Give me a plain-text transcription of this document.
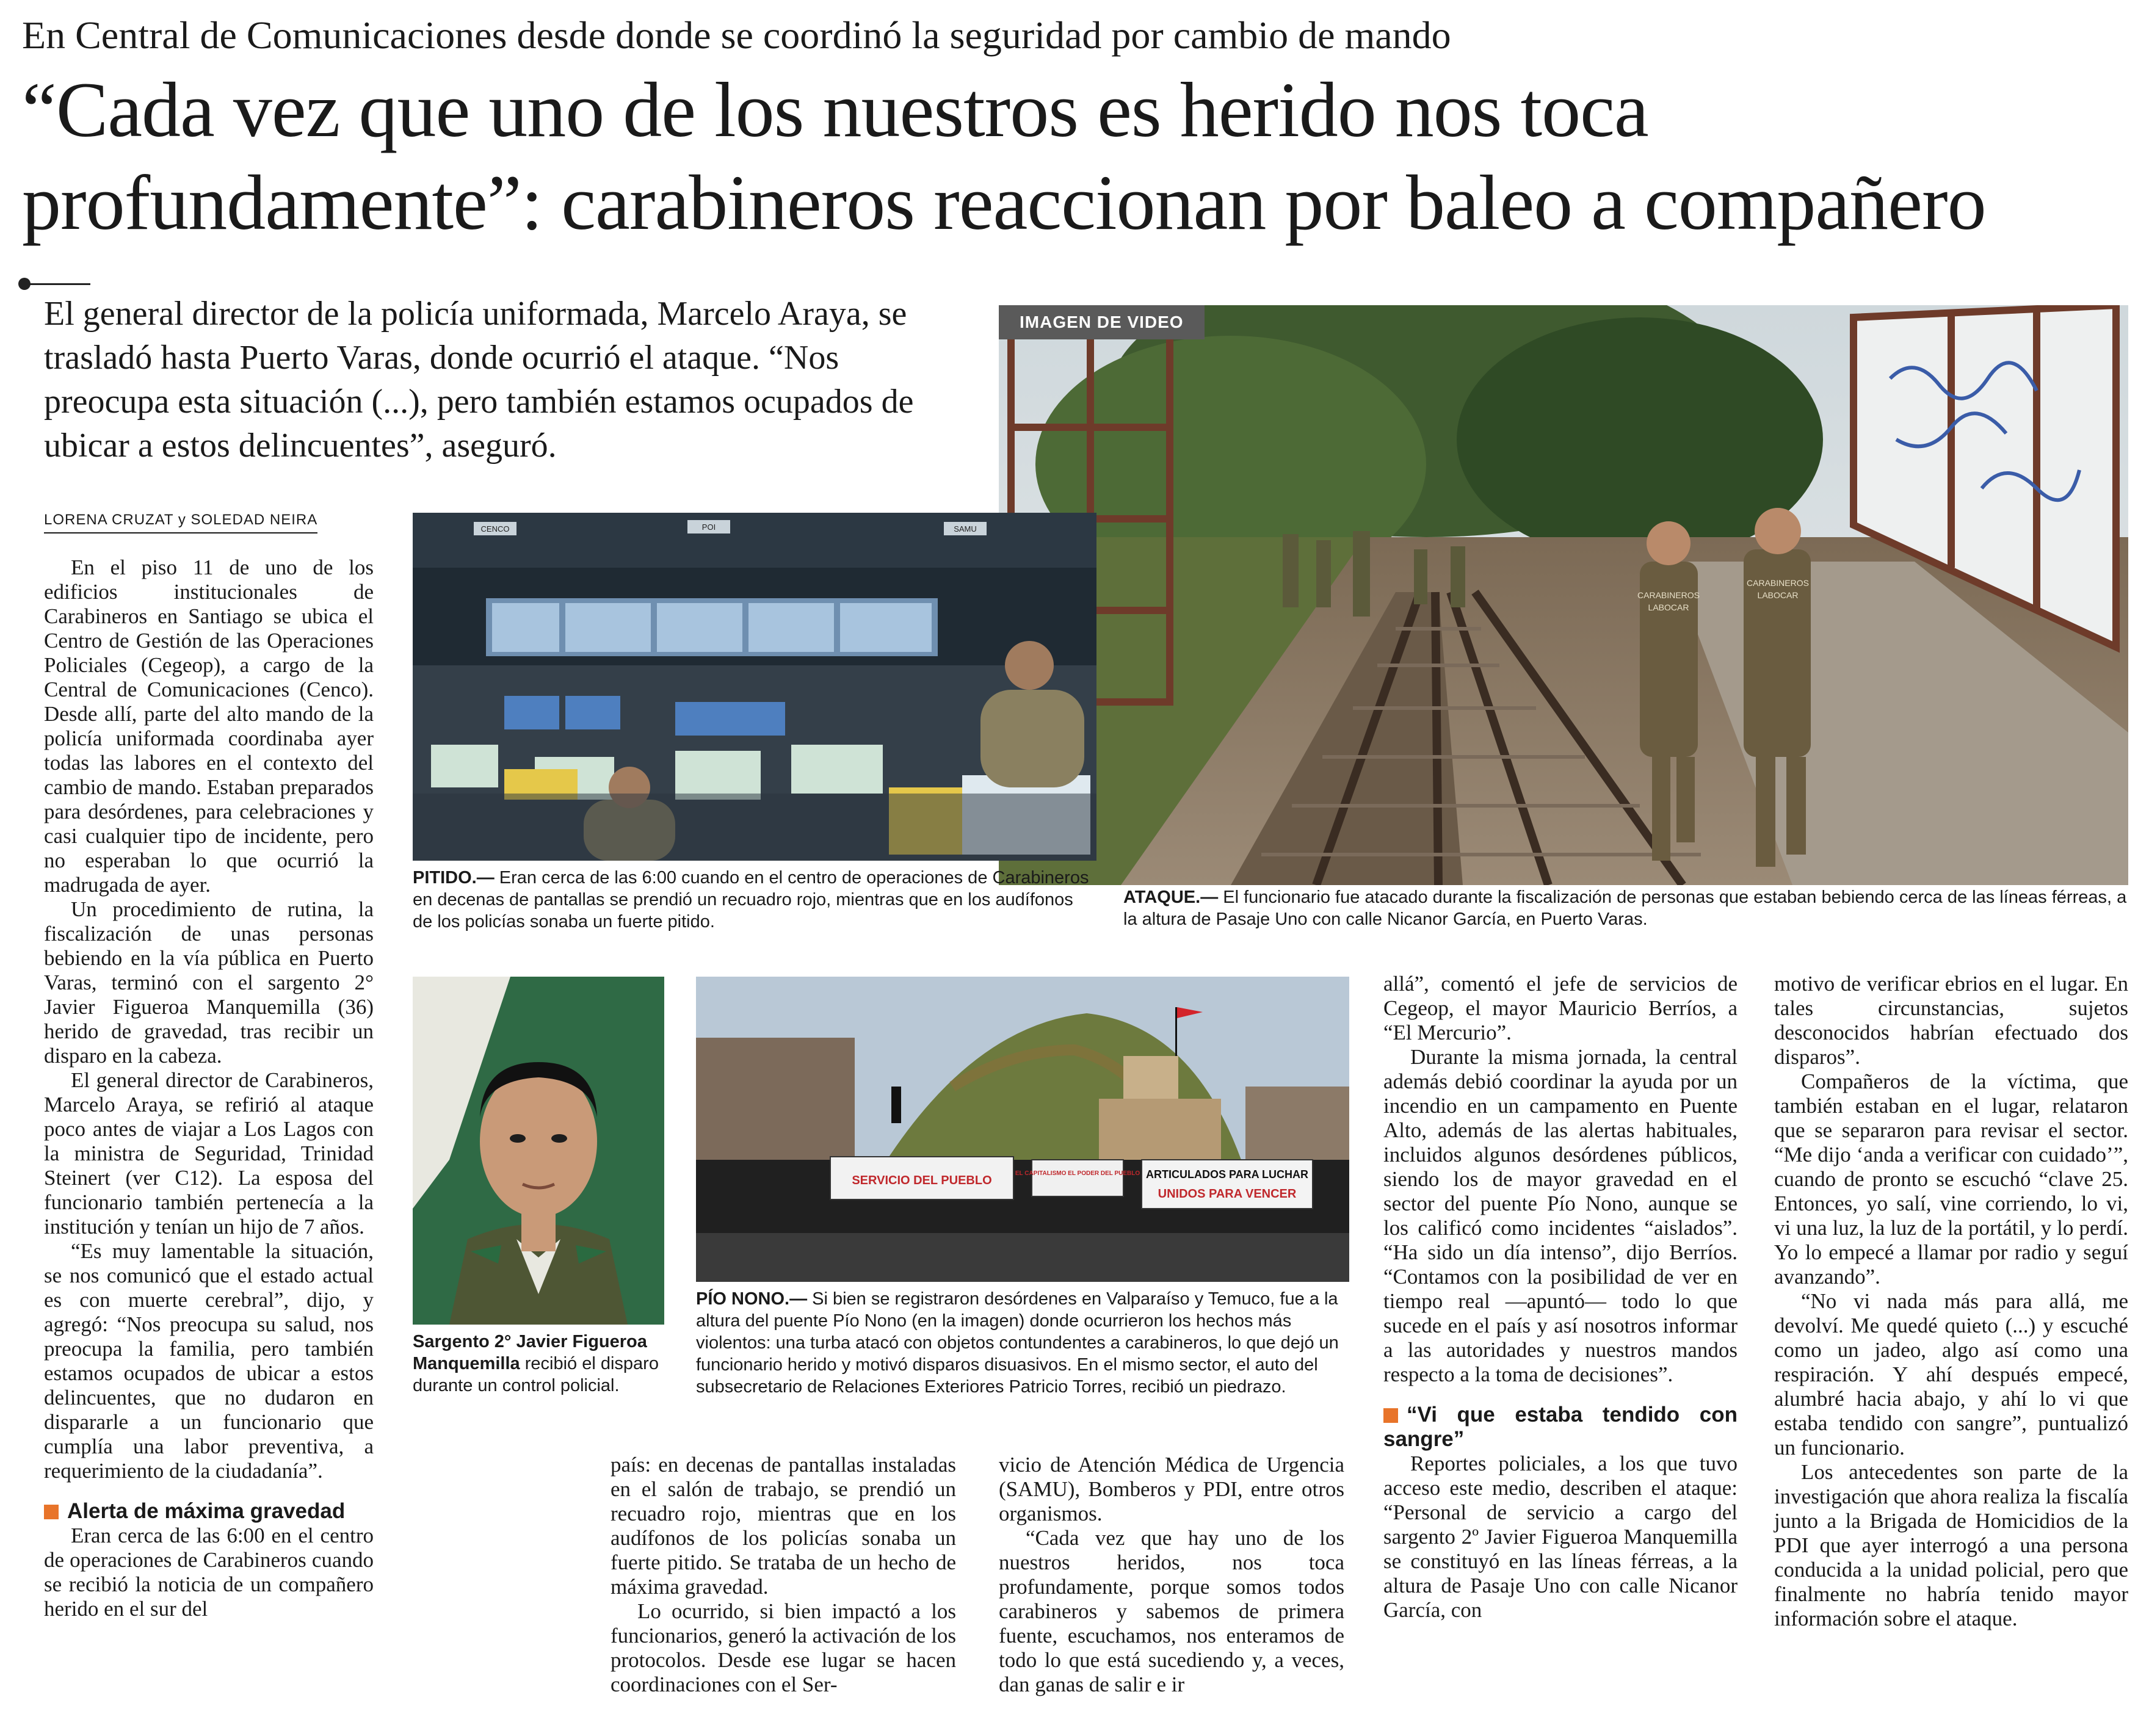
En Central de Comunicaciones desde donde se coordinó la seguridad por cambio de mando
“Cada vez que uno de los nuestros es herido nos toca
profundamente”: carabineros reaccionan por baleo a compañero
El general director de la policía uniformada, Marcelo Araya, se trasladó hasta Puerto Varas, donde ocurrió el ataque. “Nos preocupa esta situación (...), pero también estamos ocupados de ubicar a estos delincuentes”, aseguró.
LORENA CRUZAT y SOLEDAD NEIRA
CARABINEROS
LABOCAR
CARABINEROS
LABOCAR
IMAGEN DE VIDEO
ATAQUE.— El funcionario fue atacado durante la fiscalización de personas que estaban bebiendo cerca de las líneas férreas, a la altura de Pasaje Uno con calle Nicanor García, en Puerto Varas.
CENCO	POI	SAMU
PITIDO.— Eran cerca de las 6:00 cuando en el centro de operaciones de Carabineros en decenas de pantallas se prendió un recuadro rojo, mientras que en los audífonos de los policías sonaba un fuerte pitido.
Sargento 2° Javier Figueroa Manquemilla recibió el disparo durante un control policial.
SERVICIO DEL PUEBLO
EL CAPITALISMO EL PODER DEL PUEBLO ARTICULADOS PARA LUCHAR
UNIDOS PARA VENCER
PÍO NONO.— Si bien se registraron desórdenes en Valparaíso y Temuco, fue a la altura del puente Pío Nono (en la imagen) donde ocurrieron los hechos más violentos: una turba atacó con objetos contundentes a carabineros, lo que dejó un funcionario herido y motivó disparos disuasivos. En el mismo sector, el auto del subsecretario de Relaciones Exteriores Patricio Torres, recibió un piedrazo.

En el piso 11 de uno de los edificios institucionales de Carabineros en Santiago se ubica el Centro de Gestión de las Operaciones Policiales (Cegeop), a cargo de la Central de Comunicaciones (Cenco). Desde allí, parte del alto mando de la policía uniformada coordinaba ayer todas las labores en el contexto del cambio de mando. Estaban preparados para desórdenes, para celebraciones y casi cualquier tipo de incidente, pero no esperaban lo que ocurrió la madrugada de ayer.

Un procedimiento de rutina, la fiscalización de unas personas bebiendo en la vía pública en Puerto Varas, terminó con el sargento 2° Javier Figueroa Manquemilla (36) herido de gravedad, tras recibir un disparo en la cabeza.

El general director de Carabineros, Marcelo Araya, se refirió al ataque poco antes de viajar a Los Lagos con la ministra de Seguridad, Trinidad Steinert (ver C12). La esposa del funcionario también pertenecía a la institución y tenían un hijo de 7 años.

“Es muy lamentable la situación, se nos comunicó que el estado actual es con muerte cerebral”, dijo, y agregó: “Nos preocupa su salud, nos preocupa la familia, pero también estamos ocupados de ubicar a estos delincuentes, que no dudaron en dispararle a un funcionario que cumplía una labor preventiva, a requerimiento de la ciudadanía”.

Alerta de máxima gravedad

Eran cerca de las 6:00 en el centro de operaciones de Carabineros cuando se recibió la noticia de un compañero herido en el sur del

país: en decenas de pantallas instaladas en el salón de trabajo, se prendió un recuadro rojo, mientras que en los audífonos de los policías sonaba un fuerte pitido. Se trataba de un hecho de máxima gravedad.

Lo ocurrido, si bien impactó a los funcionarios, generó la activación de los protocolos. Desde ese lugar se hacen coordinaciones con el Ser-

vicio de Atención Médica de Urgencia (SAMU), Bomberos y PDI, entre otros organismos.

“Cada vez que hay uno de los nuestros heridos, nos toca profundamente, porque somos todos carabineros y sabemos de primera fuente, escuchamos, nos enteramos de todo lo que está sucediendo y, a veces, dan ganas de salir e ir

allá”, comentó el jefe de servicios de Cegeop, el mayor Mauricio Berríos, a “El Mercurio”.

Durante la misma jornada, la central además debió coordinar la ayuda por un incendio en un campamento en Puente Alto, además de las alertas habituales, incluidos algunos desórdenes públicos, siendo los de mayor gravedad en el sector del puente Pío Nono, aunque se los calificó como incidentes “aislados”. “Ha sido un día intenso”, dijo Berríos. “Contamos con la posibilidad de ver en tiempo real —apuntó— todo lo que sucede en el país y así nosotros informar a las autoridades y nuestros mandos respecto a la toma de decisiones”.

“Vi que estaba tendido con sangre”

Reportes policiales, a los que tuvo acceso este medio, describen el ataque: “Personal de servicio a cargo del sargento 2º Javier Figueroa Manquemilla se constituyó en las líneas férreas, a la altura de Pasaje Uno con calle Nicanor García, con

motivo de verificar ebrios en el lugar. En tales circunstancias, sujetos desconocidos habrían efectuado dos disparos”.

Compañeros de la víctima, que también estaban en el lugar, relataron que se separaron para revisar el sector. “Me dijo ‘anda a verificar con cuidado’”, cuando de pronto se escuchó “clave 25. Entonces, yo salí, vine corriendo, lo vi, vi una luz, la luz de la portátil, y lo perdí. Yo lo empecé a llamar por radio y seguí avanzando”.

“No vi nada más para allá, me devolví. Me quedé quieto (...) y escuché como un jadeo, algo así como una respiración. Y ahí después empecé, alumbré hacia abajo, y ahí lo vi que estaba tendido con sangre”, puntualizó un funcionario.

Los antecedentes son parte de la investigación que ahora realiza la fiscalía junto a la Brigada de Homicidios de la PDI que ayer interrogó a una persona conducida a la unidad policial, pero que finalmente no habría tenido mayor información sobre el ataque.
